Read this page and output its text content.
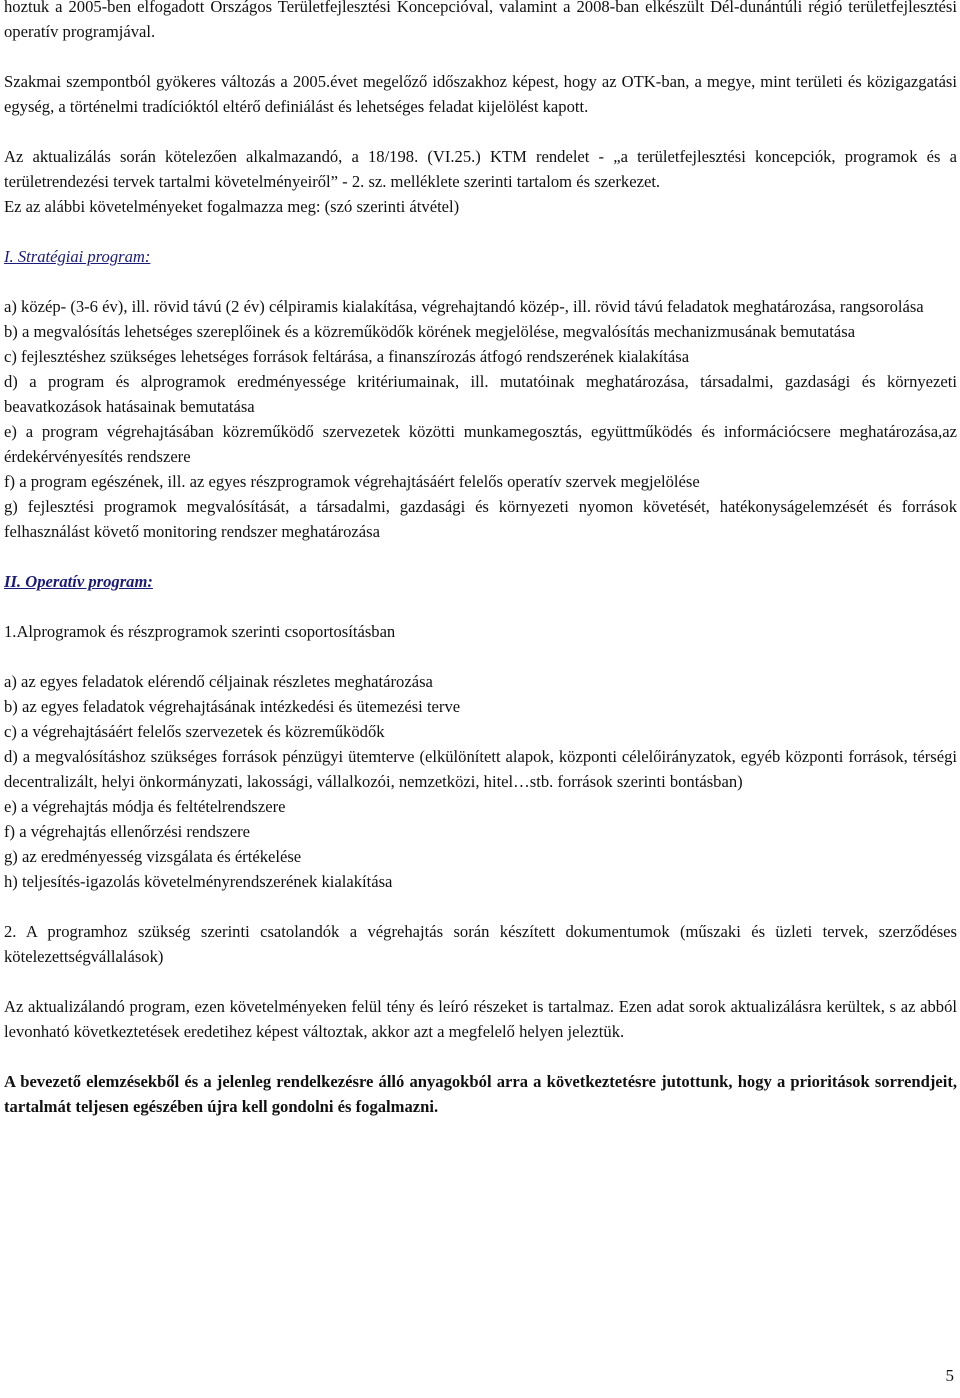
hoztuk a 2005-ben elfogadott Országos Területfejlesztési Koncepcióval, valamint a 2008-ban elkészült Dél-dunántúli régió területfejlesztési operatív programjával.

Szakmai szempontból gyökeres változás a 2005.évet megelőző időszakhoz képest, hogy az OTK-ban, a megye, mint területi és közigazgatási egység, a történelmi tradícióktól eltérő definiálást és lehetséges feladat kijelölést kapott.

Az aktualizálás során kötelezően alkalmazandó, a 18/198. (VI.25.) KTM rendelet - „a területfejlesztési koncepciók, programok és a területrendezési tervek tartalmi követelményeiről” - 2. sz. melléklete szerinti tartalom és szerkezet.

Ez az alábbi követelményeket fogalmazza meg: (szó szerinti átvétel)

I. Stratégiai program:

a) közép- (3-6 év), ill. rövid távú (2 év) célpiramis kialakítása, végrehajtandó közép-, ill. rövid távú feladatok meghatározása, rangsorolása

b) a megvalósítás lehetséges szereplőinek és a közreműködők körének megjelölése, megvalósítás mechanizmusának bemutatása

c) fejlesztéshez szükséges lehetséges források feltárása, a finanszírozás átfogó rendszerének kialakítása

d) a program és alprogramok eredményessége kritériumainak, ill. mutatóinak meghatározása, társadalmi, gazdasági és környezeti beavatkozások hatásainak bemutatása

e) a program végrehajtásában közreműködő szervezetek közötti munkamegosztás, együttműködés és információcsere meghatározása,az érdekérvényesítés rendszere

f) a program egészének, ill. az egyes részprogramok végrehajtásáért felelős operatív szervek megjelölése

g) fejlesztési programok megvalósítását, a társadalmi, gazdasági és környezeti nyomon követését, hatékonyságelemzését és források felhasználást követő monitoring rendszer meghatározása

II. Operatív program:

1.Alprogramok és részprogramok szerinti csoportosításban

a) az egyes feladatok elérendő céljainak részletes meghatározása

b) az egyes feladatok végrehajtásának intézkedési és ütemezési terve

c) a végrehajtásáért felelős szervezetek és közreműködők

d) a megvalósításhoz szükséges források pénzügyi ütemterve (elkülönített alapok, központi célelőirányzatok, egyéb központi források, térségi decentralizált, helyi önkormányzati, lakossági, vállalkozói, nemzetközi, hitel…stb. források szerinti bontásban)

e) a végrehajtás módja és feltételrendszere

f) a végrehajtás ellenőrzési rendszere

g) az eredményesség vizsgálata és értékelése

h) teljesítés-igazolás követelményrendszerének kialakítása

2. A programhoz szükség szerinti csatolandók a végrehajtás során készített dokumentumok (műszaki és üzleti tervek, szerződéses kötelezettségvállalások)

Az aktualizálandó program, ezen követelményeken felül tény és leíró részeket is tartalmaz. Ezen adat sorok aktualizálásra kerültek, s az abból levonható következtetések eredetihez képest változtak, akkor azt a megfelelő helyen jeleztük.

A bevezető elemzésekből és a jelenleg rendelkezésre álló anyagokból arra a következtetésre jutottunk, hogy a prioritások sorrendjeit, tartalmát teljesen egészében újra kell gondolni és fogalmazni.

5
